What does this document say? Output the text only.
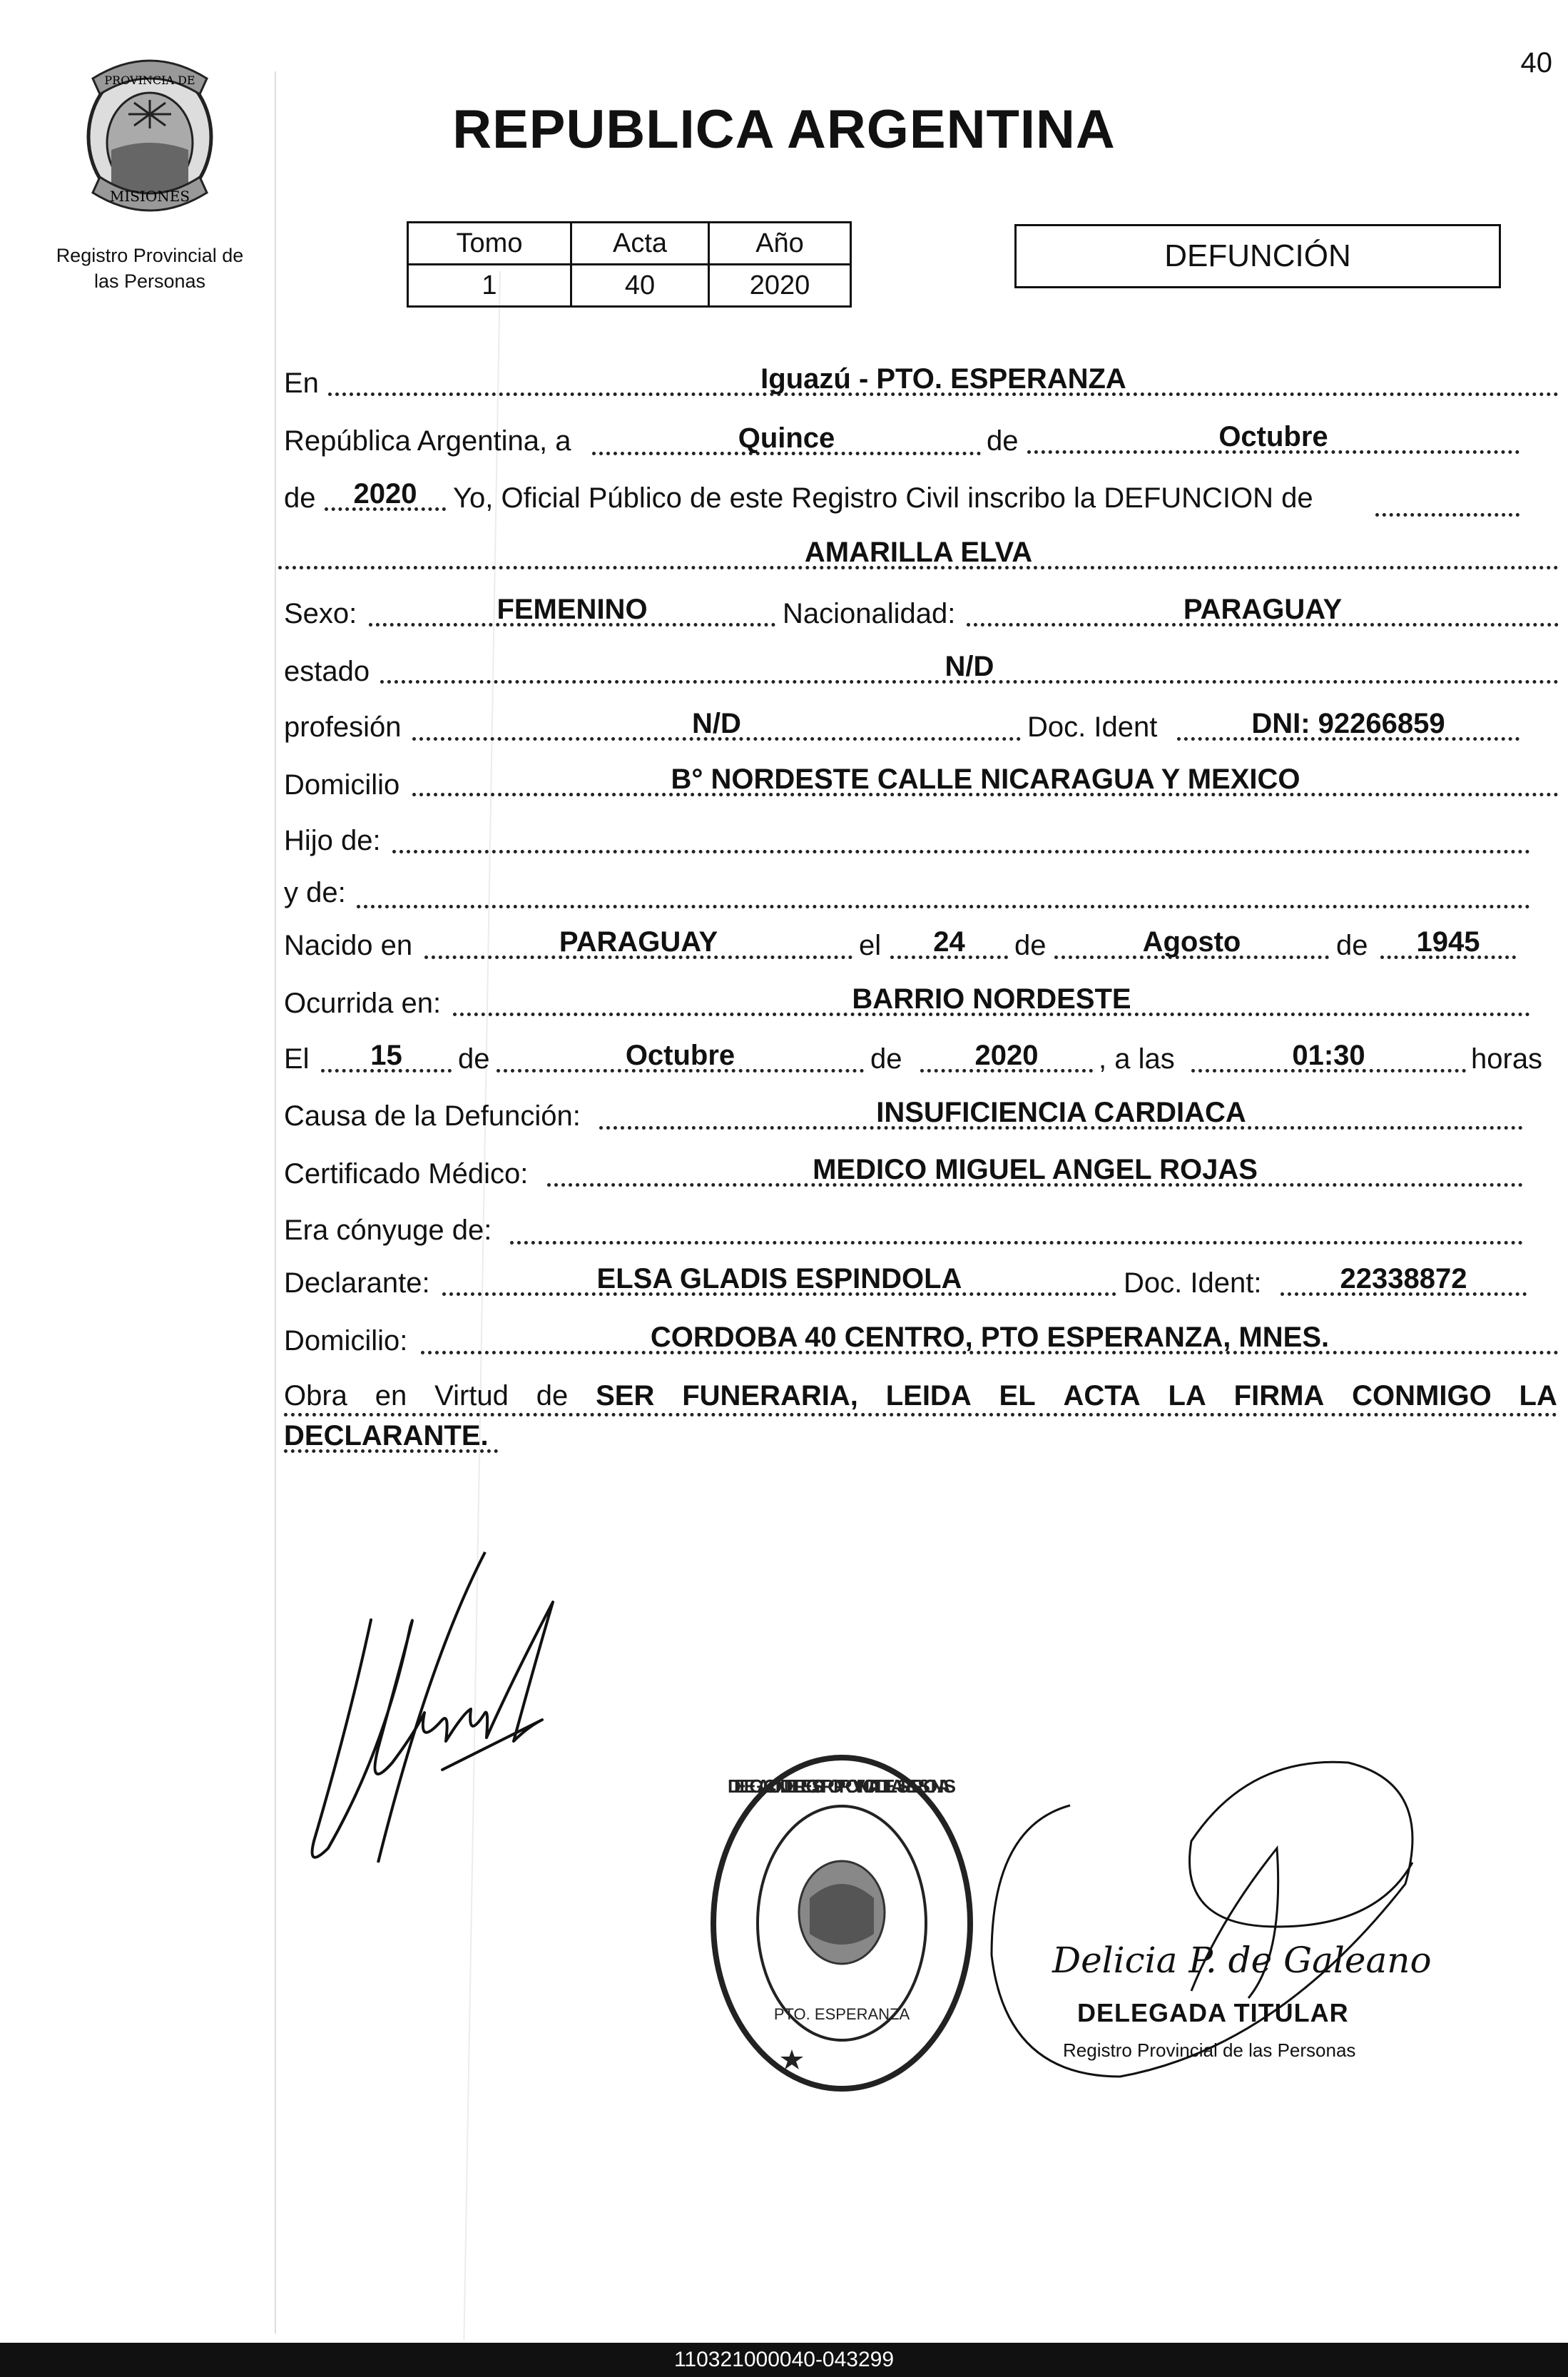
40
PROVINCIA DE
MISIONES
Registro Provincial de
las Personas
REPUBLICA ARGENTINA
Tomo	Acta	Año
1	40	2020
DEFUNCIÓN
En	Iguazú - PTO. ESPERANZA
República Argentina, a	Quince	de	Octubre
de	2020	Yo, Oficial Público de este Registro Civil inscribo la DEFUNCION de
AMARILLA ELVA
Sexo:	FEMENINO	Nacionalidad:	PARAGUAY
estado	N/D
profesión	N/D	Doc. Ident	DNI: 92266859
Domicilio	B° NORDESTE CALLE NICARAGUA Y MEXICO
Hijo de:
y de:
Nacido en	PARAGUAY	el	24	de	Agosto	de	1945
Ocurrida en:	BARRIO NORDESTE
El	15	de	Octubre	de	2020	, a las	01:30	horas
Causa de la Defunción:	INSUFICIENCIA CARDIACA
Certificado Médico:	MEDICO MIGUEL ANGEL ROJAS
Era cónyuge de:
Declarante:	ELSA GLADIS ESPINDOLA	Doc. Ident:	22338872
Domicilio:	CORDOBA 40 CENTRO, PTO ESPERANZA, MNES.
Obra en Virtud de SER FUNERARIA, LEIDA EL ACTA LA FIRMA CONMIGO LA
DECLARANTE.
DELEGACION DEL REGISTRO PROVINCIAL DE LAS PERSONAS
PTO. ESPERANZA
Delicia P. de Galeano
DELEGADA TITULAR
Registro Provincial de las Personas
110321000040-043299
